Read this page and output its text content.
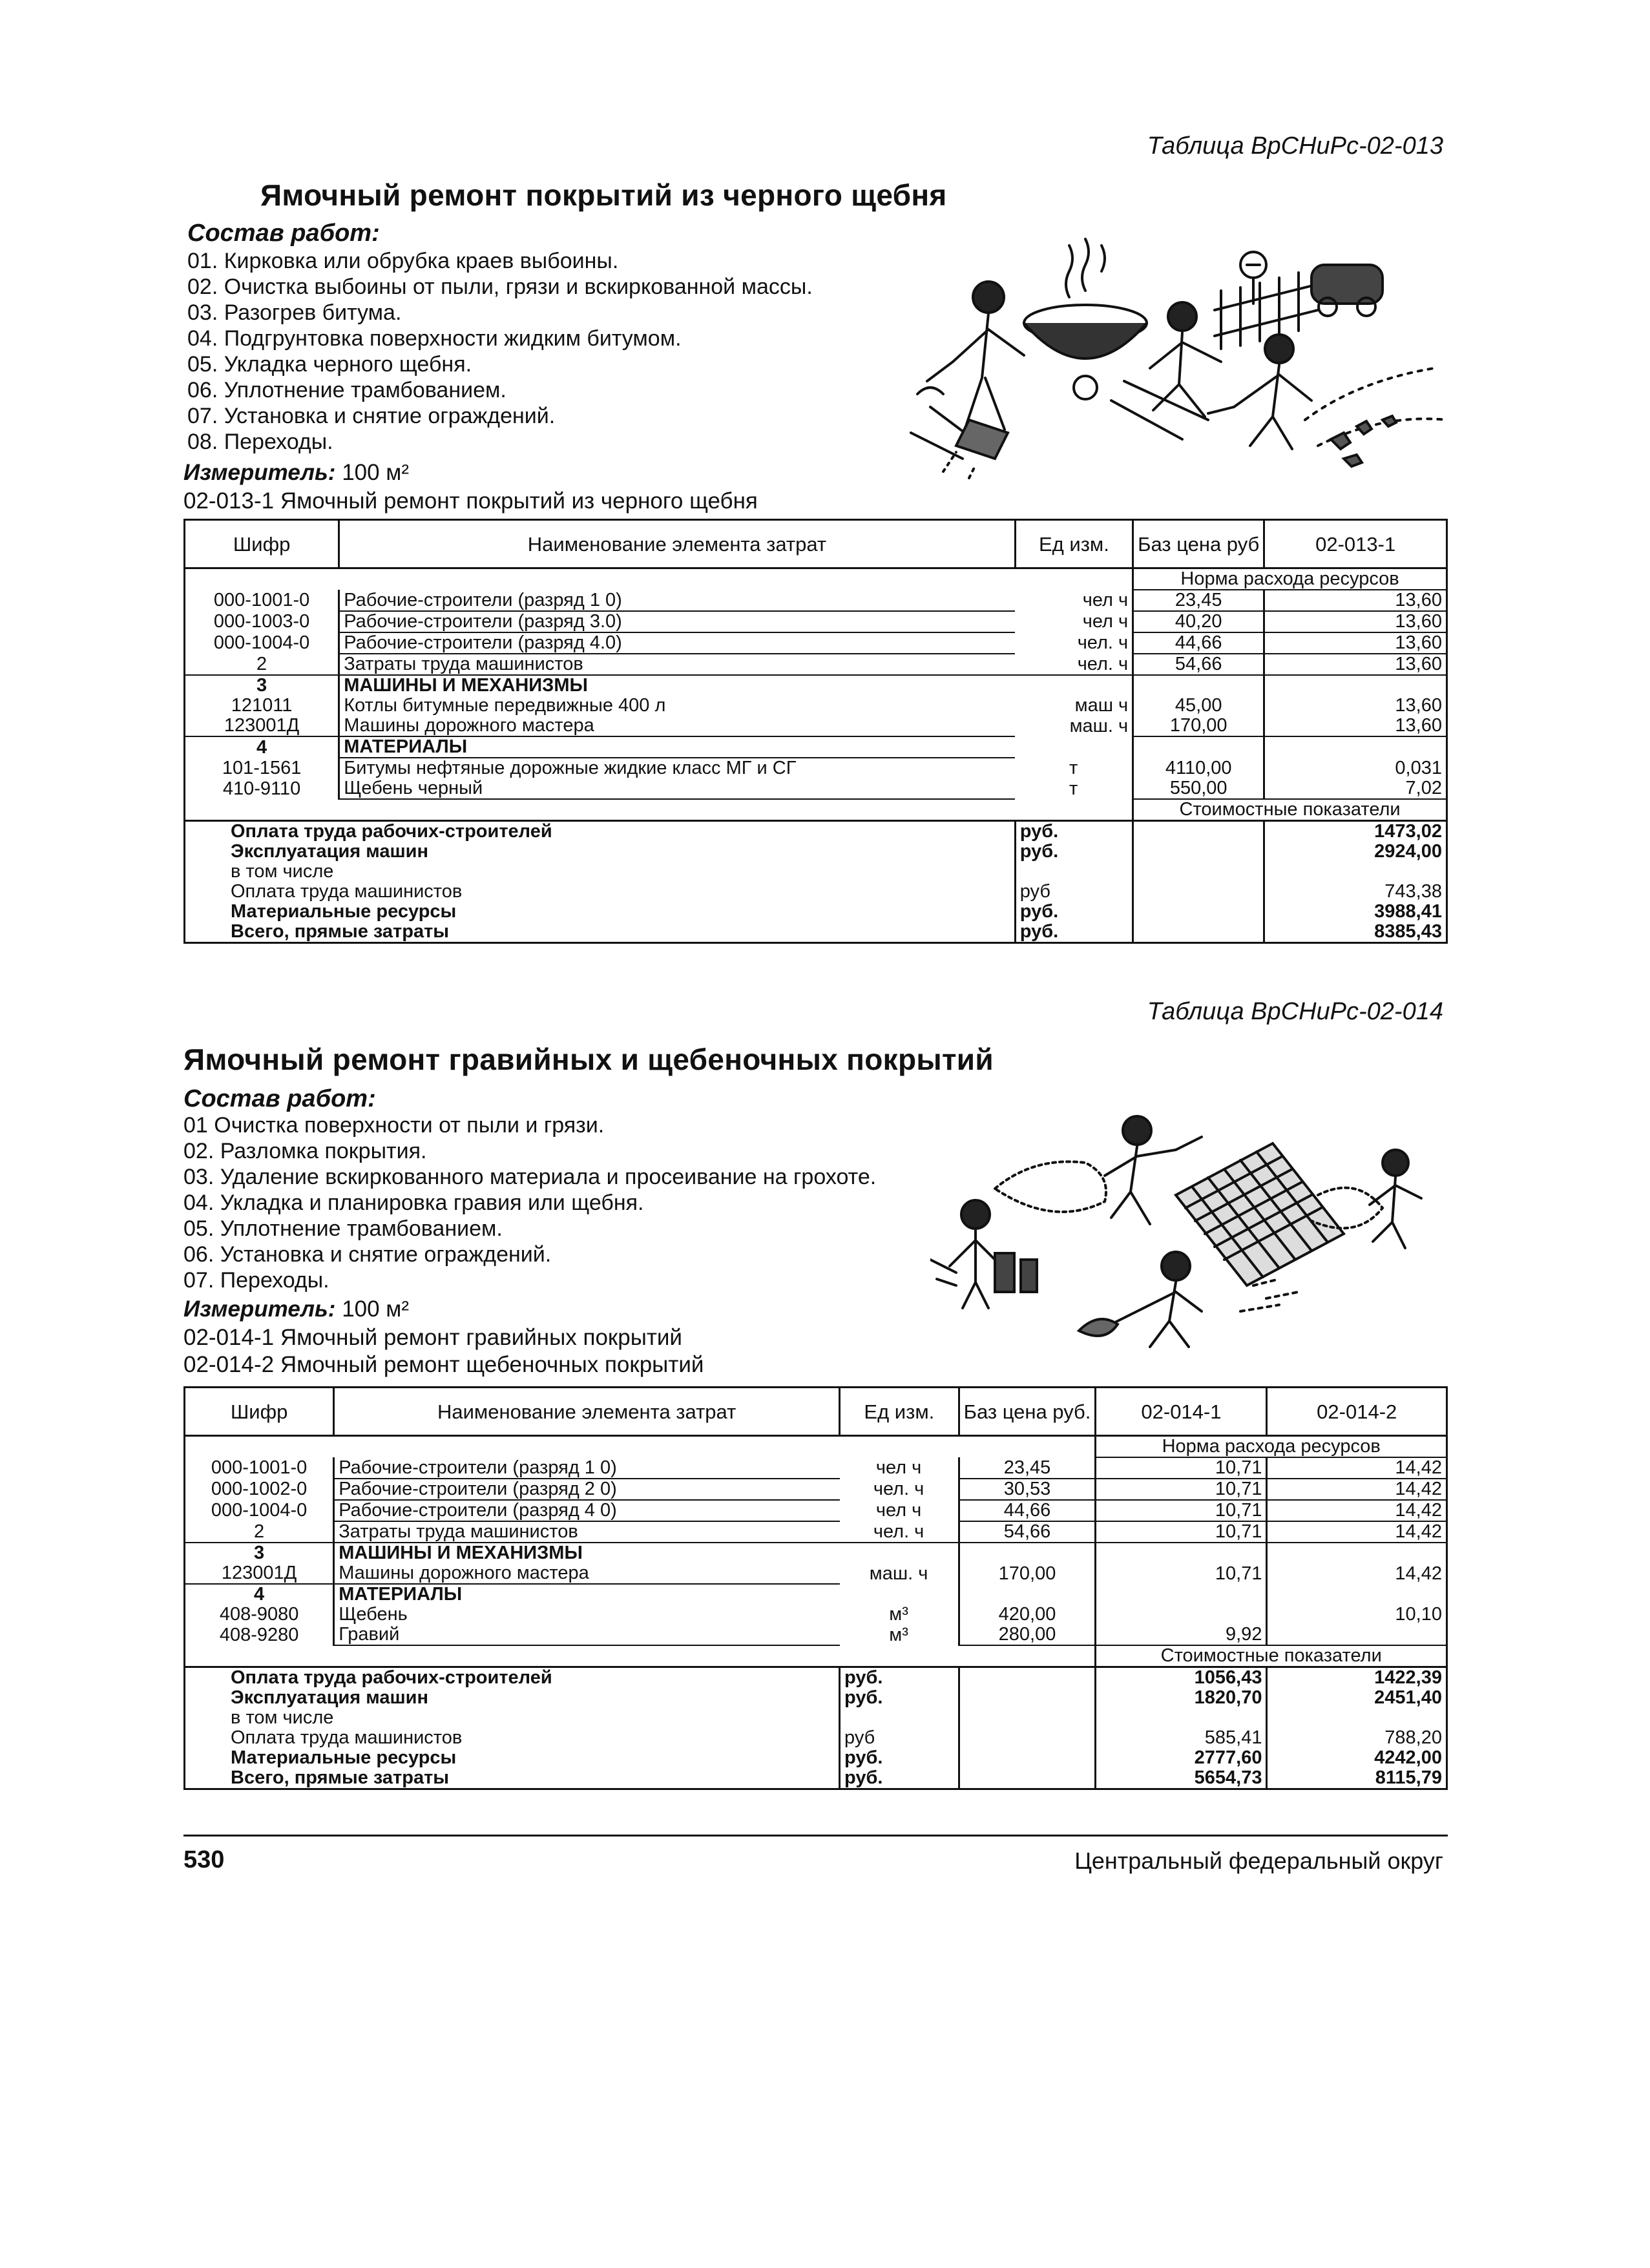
Таблица ВрСНиРс-02-013
Ямочный ремонт покрытий из черного щебня
Состав работ:
01. Кирковка или обрубка краев выбоины.
02. Очистка выбоины от пыли, грязи и вскиркованной массы.
03. Разогрев битума.
04. Подгрунтовка поверхности жидким битумом.
05. Укладка черного щебня.
06. Уплотнение трамбованием.
07. Установка и снятие ограждений.
08. Переходы.
Измеритель: 100 м²
02-013-1 Ямочный ремонт покрытий из черного щебня
Шифр	Наименование элемента затрат	Ед изм.	Баз цена руб	02-013-1
			Норма расхода ресурсов	
000-1001-0	Рабочие-строители (разряд 1 0)	чел ч	23,45	13,60
000-1003-0	Рабочие-строители (разряд 3.0)	чел ч	40,20	13,60
000-1004-0	Рабочие-строители (разряд 4.0)	чел. ч	44,66	13,60
2	Затраты труда машинистов	чел. ч	54,66	13,60
3	МАШИНЫ И МЕХАНИЗМЫ			
121011	Котлы битумные передвижные 400 л	маш ч	45,00	13,60
123001Д	Машины дорожного мастера	маш. ч	170,00	13,60
4	МАТЕРИАЛЫ			
101-1561	Битумы нефтяные дорожные жидкие класс МГ и СГ	т	4110,00	0,031
410-9110	Щебень черный	т	550,00	7,02
			Стоимостные показатели	
Оплата труда рабочих-строителей		руб.		1473,02
Эксплуатация машин		руб.		2924,00
в том числе				
Оплата труда машинистов		руб		743,38
Материальные ресурсы		руб.		3988,41
Всего, прямые затраты		руб.		8385,43
Таблица ВрСНиРс-02-014
Ямочный ремонт гравийных и щебеночных покрытий
Состав работ:
01 Очистка поверхности от пыли и грязи.
02. Разломка покрытия.
03. Удаление вскиркованного материала и просеивание на грохоте.
04. Укладка и планировка гравия или щебня.
05. Уплотнение трамбованием.
06. Установка и снятие ограждений.
07. Переходы.
Измеритель: 100 м²
02-014-1 Ямочный ремонт гравийных покрытий
02-014-2 Ямочный ремонт щебеночных покрытий
Шифр	Наименование элемента затрат	Ед изм.	Баз цена руб.	02-014-1	02-014-2
				Норма расхода ресурсов	
000-1001-0	Рабочие-строители (разряд 1 0)	чел ч	23,45	10,71	14,42
000-1002-0	Рабочие-строители (разряд 2 0)	чел. ч	30,53	10,71	14,42
000-1004-0	Рабочие-строители (разряд 4 0)	чел ч	44,66	10,71	14,42
2	Затраты труда машинистов	чел. ч	54,66	10,71	14,42
3	МАШИНЫ И МЕХАНИЗМЫ				
123001Д	Машины дорожного мастера	маш. ч	170,00	10,71	14,42
4	МАТЕРИАЛЫ				
408-9080	Щебень	м³	420,00		10,10
408-9280	Гравий	м³	280,00	9,92	
				Стоимостные показатели	
Оплата труда рабочих-строителей		руб.		1056,43	1422,39
Эксплуатация машин		руб.		1820,70	2451,40
в том числе					
Оплата труда машинистов		руб		585,41	788,20
Материальные ресурсы		руб.		2777,60	4242,00
Всего, прямые затраты		руб.		5654,73	8115,79
530	Центральный федеральный округ
